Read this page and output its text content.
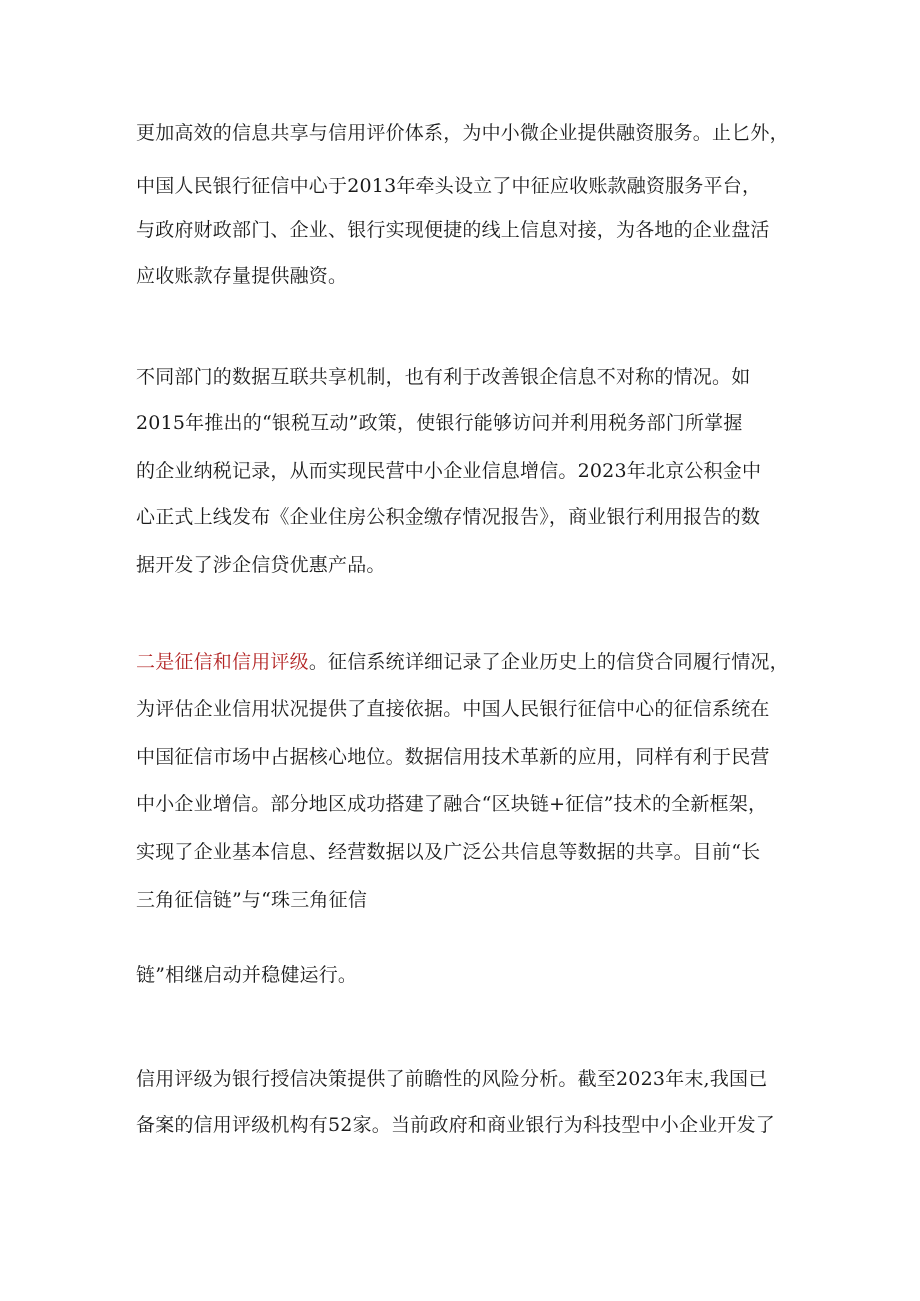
更加高效的信息共享与信用评价体系，为中小微企业提供融资服务。止匕外，
中国人民银行征信中心于2013年牵头设立了中征应收账款融资服务平台，
与政府财政部门、企业、银行实现便捷的线上信息对接，为各地的企业盘活
应收账款存量提供融资。
不同部门的数据互联共享机制，也有利于改善银企信息不对称的情况。如
2015年推出的“银税互动”政策，使银行能够访问并利用税务部门所掌握
的企业纳税记录，从而实现民营中小企业信息增信。2023年北京公积金中
心正式上线发布《企业住房公积金缴存情况报告》，商业银行利用报告的数
据开发了涉企信贷优惠产品。
二是征信和信用评级。征信系统详细记录了企业历史上的信贷合同履行情况，
为评估企业信用状况提供了直接依据。中国人民银行征信中心的征信系统在
中国征信市场中占据核心地位。数据信用技术革新的应用，同样有利于民营
中小企业增信。部分地区成功搭建了融合“区块链+征信”技术的全新框架，
实现了企业基本信息、经营数据以及广泛公共信息等数据的共享。目前“长
三角征信链”与“珠三角征信
链”相继启动并稳健运行。
信用评级为银行授信决策提供了前瞻性的风险分析。截至2023年末,我国已
备案的信用评级机构有52家。当前政府和商业银行为科技型中小企业开发了
